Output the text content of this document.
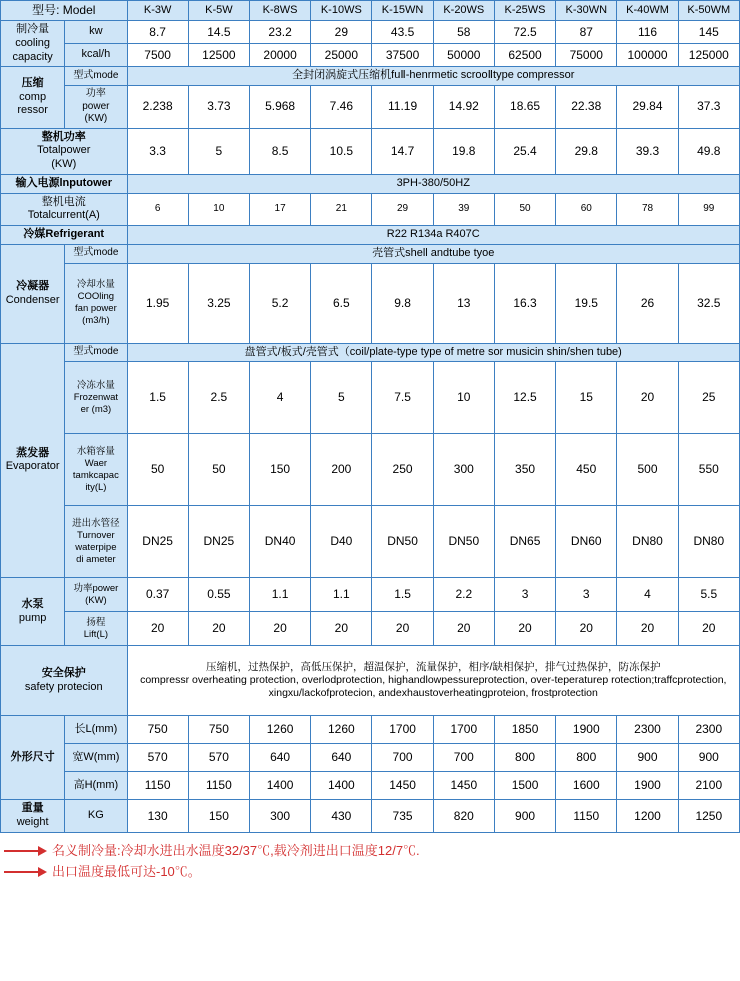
型号: Model		K-3W	K-5W	K-8WS	K-10WS	K-15WN	K-20WS	K-25WS	K-30WN	K-40WM	K-50WM

制冷量
cooling
capacity	kw	8.7	14.5	23.2	29	43.5	58	72.5	87	116	145
	kcal/h	7500	12500	20000	25000	37500	50000	62500	75000	100000	125000

压缩
comp
ressor	型式mode	全封闭涡旋式压缩机fuⅡ-henrmetic scrooⅡtype compressor									

	功率
power
(KW)	2.238	3.73	5.968	7.46	11.19	14.92	18.65	22.38	29.84	37.3

整机功率
Totalpower
(KW)		3.3	5	8.5	10.5	14.7	19.8	25.4	29.8	39.3	49.8
输入电源lnputower		3PH-380/50HZ									

整机电流
Totalcurrent(A)		6	10	17	21	29	39	50	60	78	99
冷媒Refrigerant		R22 R134a R407C									

冷凝器
Condenser	型式mode	壳管式shell andtube tyoe									

	冷却水量
COOling
fan power
(m3/h)	1.95	3.25	5.2	6.5	9.8	13	16.3	19.5	26	32.5

蒸发器
Evaporator	型式mode	盘管式/板式/壳管式（coil/plate-type type of metre sor musicin shin/shen tube)									

	冷冻水量
Frozenwat
er (m3)	1.5	2.5	4	5	7.5	10	12.5	15	20	25

	水箱容量
Waer
tamkcapac
ity(L)	50	50	150	200	250	300	350	450	500	550

	进出水管径
Turnover
waterpipe
di ameter	DN25	DN25	DN40	D40	DN50	DN50	DN65	DN60	DN80	DN80

水泵
pump

功率power
(KW)	0.37	0.55	1.1	1.1	1.5	2.2	3	3	4	5.5

	扬程
Lift(L)	20	20	20	20	20	20	20	20	20	20

安全保护
safety protecion

压缩机，过热保护，高低压保护，超温保护，流量保护，相序/缺相保护，排气过热保护，防冻保护
compressr overheating protection, overlodprotection, highandlowpessureprotection, over-teperaturep rotection;traffcprotection, xingxu/lackofprotecion, andexhaustoverheatingproteion, frostprotection

外形尺寸	长L(mm)	750	750	1260	1260	1700	1700	1850	1900	2300	2300
	宽W(mm)	570	570	640	640	700	700	800	800	900	900
	高H(mm)	1150	1150	1400	1400	1450	1450	1500	1600	1900	2100

重量
weight	KG	130	150	300	430	735	820	900	1150	1200	1250
名义制冷量:冷却水进出水温度32/37℃,载冷剂进出口温度12/7℃.
出口温度最低可达-10℃。
